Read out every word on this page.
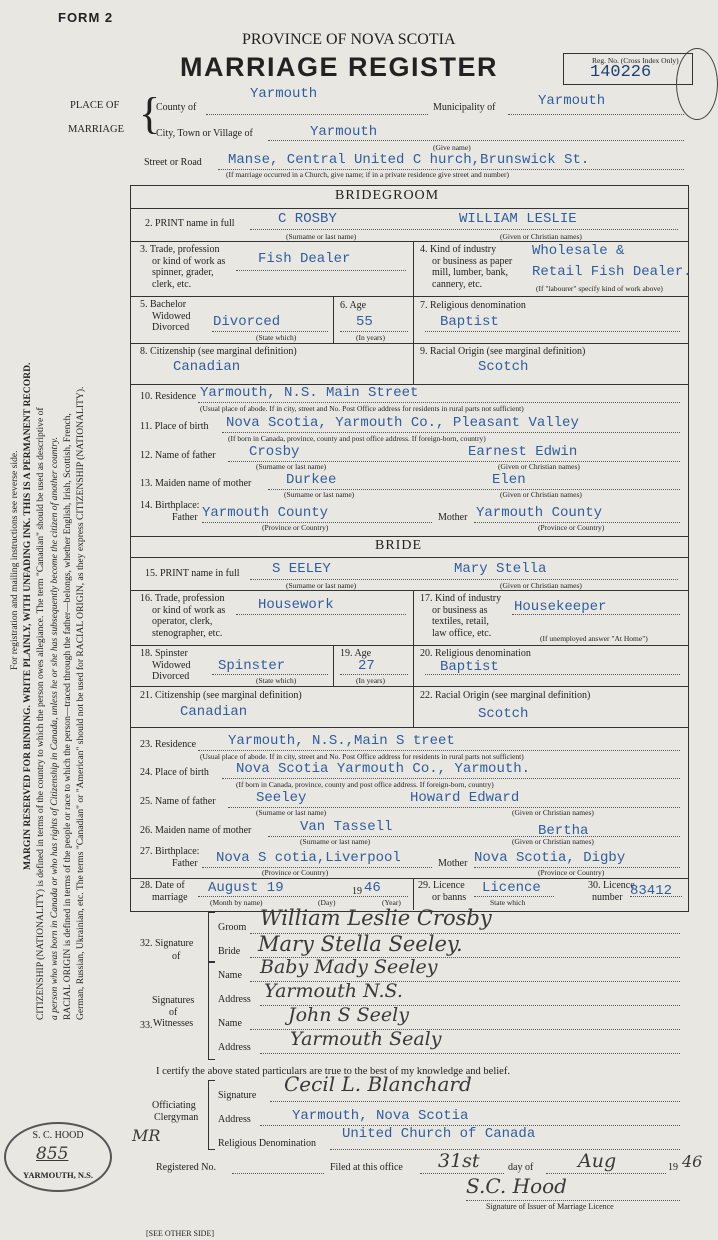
FORM 2
PROVINCE OF NOVA SCOTIA
MARRIAGE REGISTER	Reg. No. (Cross Index Only)
140226
For registration and mailing instructions see reverse side. MARGIN RESERVED FOR BINDING. WRITE PLAINLY, WITH UNFADING INK. THIS IS A PERMANENT RECORD. CITIZENSHIP (NATIONALITY) is defined in terms of the country to which the person owes allegiance. The term "Canadian" should be used as descriptive of a person who was born in Canada or who has rights of Citizenship in Canada, unless he or she has subsequently become the citizen of another country. RACIAL ORIGIN is defined in terms of the people or race to which the person—traced through the father—belongs, whether English, Irish, Scottish, French, German, Russian, Ukrainian, etc. The terms "Canadian" or "American" should not be used for RACIAL ORIGIN, as they express CITIZENSHIP (NATIONALITY).
PLACE OF
MARRIAGE {
County of
Yarmouth
Municipality of	Yarmouth
City, Town or Village of	Yarmouth
(Give name)
Street or Road Manse, Central United C hurch,Brunswick St.
(If marriage occurred in a Church, give name; if in a private residence give street and number)
BRIDEGROOM
2. PRINT name in full	C ROSBY	WILLIAM LESLIE
(Surname or last name)	(Given or Christian names)
3. Trade, profession
or kind of work as
spinner, grader,
clerk, etc.
Fish Dealer
4. Kind of industry
or business as paper
mill, lumber, bank,
cannery, etc.
Wholesale &
Retail Fish Dealer.
(If "labourer" specify kind of work above)
5. Bachelor
Widowed
Divorced Divorced
(State which)
6. Age
55
(In years)
7. Religious denomination
Baptist
8. Citizenship (see marginal definition)
Canadian
9. Racial Origin (see marginal definition)
Scotch
10. Residence Yarmouth, N.S. Main Street
(Usual place of abode. If in city, street and No. Post Office address for residents in rural parts not sufficient)
11. Place of birth Nova Scotia, Yarmouth Co., Pleasant Valley
(If born in Canada, province, county and post office address. If foreign-born, country)
12. Name of father Crosby	Earnest Edwin
(Surname or last name)	(Given or Christian names)
13. Maiden name of mother Durkee	Elen
(Surname or last name)	(Given or Christian names)
14. Birthplace:
Father Yarmouth County	Mother Yarmouth County
(Province or Country)	(Province or Country)
BRIDE
15. PRINT name in full S EELEY	Mary Stella
(Surname or last name)	(Given or Christian names)
16. Trade, profession
or kind of work as
operator, clerk,
stenographer, etc.
Housework	17. Kind of industry
or business as
textiles, retail,
law office, etc.
Housekeeper
(If unemployed answer "At Home")
18. Spinster
Widowed
Divorced
Spinster
(State which)
19. Age
27
(In years)
20. Religious denomination
Baptist
21. Citizenship (see marginal definition)
Canadian
22. Racial Origin (see marginal definition)
Scotch
23. Residence Yarmouth, N.S.,Main S treet
(Usual place of abode. If in city, street and No. Post Office address for residents in rural parts not sufficient)
24. Place of birth Nova Scotia Yarmouth Co., Yarmouth.
(If born in Canada, province, county and post office address. If foreign-born, country)
25. Name of father	Seeley	Howard Edward
(Surname or last name)	(Given or Christian names)
26. Maiden name of mother	Van Tassell	Bertha
(Surname or last name)	(Given or Christian names)
27. Birthplace:
Father Nova S cotia,Liverpool	Mother Nova Scotia, Digby
(Province or Country)	(Province or Country)
28. Date of
marriage
August 19	19 46
(Month by name)	(Day)	(Year)
29. Licence
or banns
Licence
State which
30. Licence
number 83412
32. Signature
of
Groom William Leslie Crosby
Bride Mary Stella Seeley.
33.
Signatures
of
Witnesses
Name Baby Mady Seeley
Address Yarmouth N.S.
Name John S Seely
Address Yarmouth Sealy
I certify the above stated particulars are true to the best of my knowledge and belief.
Officiating
Clergyman
Signature Cecil L. Blanchard
Address	Yarmouth, Nova Scotia
Religious Denomination
United Church of Canada
MR
Registered No.	Filed at this office 31st	day of Aug	19 46
S.C. Hood
Signature of Issuer of Marriage Licence
[SEE OTHER SIDE]
S. C. HOOD
855
YARMOUTH, N.S.
